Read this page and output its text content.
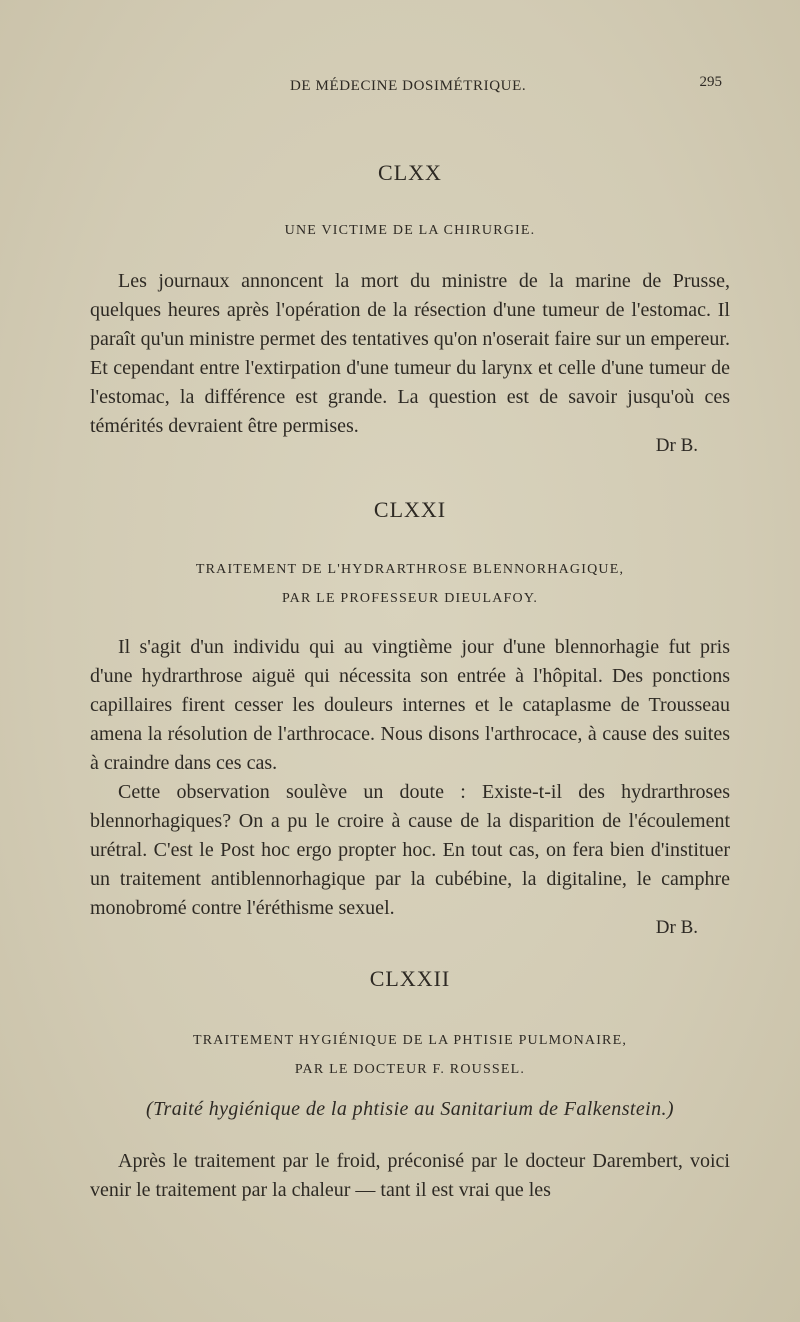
DE MÉDECINE DOSIMÉTRIQUE.	295
CLXX
UNE VICTIME DE LA CHIRURGIE.

Les journaux annoncent la mort du ministre de la marine de Prusse, quelques heures après l'opération de la résection d'une tumeur de l'estomac. Il paraît qu'un ministre permet des tentatives qu'on n'oserait faire sur un empereur. Et cependant entre l'extirpation d'une tumeur du larynx et celle d'une tumeur de l'estomac, la différence est grande. La question est de savoir jusqu'où ces témérités devraient être permises.

Dr B.
CLXXI
TRAITEMENT DE L'HYDRARTHROSE BLENNORHAGIQUE,
PAR LE PROFESSEUR DIEULAFOY.

Il s'agit d'un individu qui au vingtième jour d'une blennorhagie fut pris d'une hydrarthrose aiguë qui nécessita son entrée à l'hôpital. Des ponctions capillaires firent cesser les douleurs internes et le cataplasme de Trousseau amena la résolution de l'arthrocace. Nous disons l'arthrocace, à cause des suites à craindre dans ces cas.

Cette observation soulève un doute : Existe-t-il des hydrarthroses blennorhagiques? On a pu le croire à cause de la disparition de l'écoulement urétral. C'est le Post hoc ergo propter hoc. En tout cas, on fera bien d'instituer un traitement antiblennorhagique par la cubébine, la digitaline, le camphre monobromé contre l'éréthisme sexuel.

Dr B.
CLXXII
TRAITEMENT HYGIÉNIQUE DE LA PHTISIE PULMONAIRE,
PAR LE DOCTEUR F. ROUSSEL.
(Traité hygiénique de la phtisie au Sanitarium de Falkenstein.)

Après le traitement par le froid, préconisé par le docteur Darembert, voici venir le traitement par la chaleur — tant il est vrai que les
